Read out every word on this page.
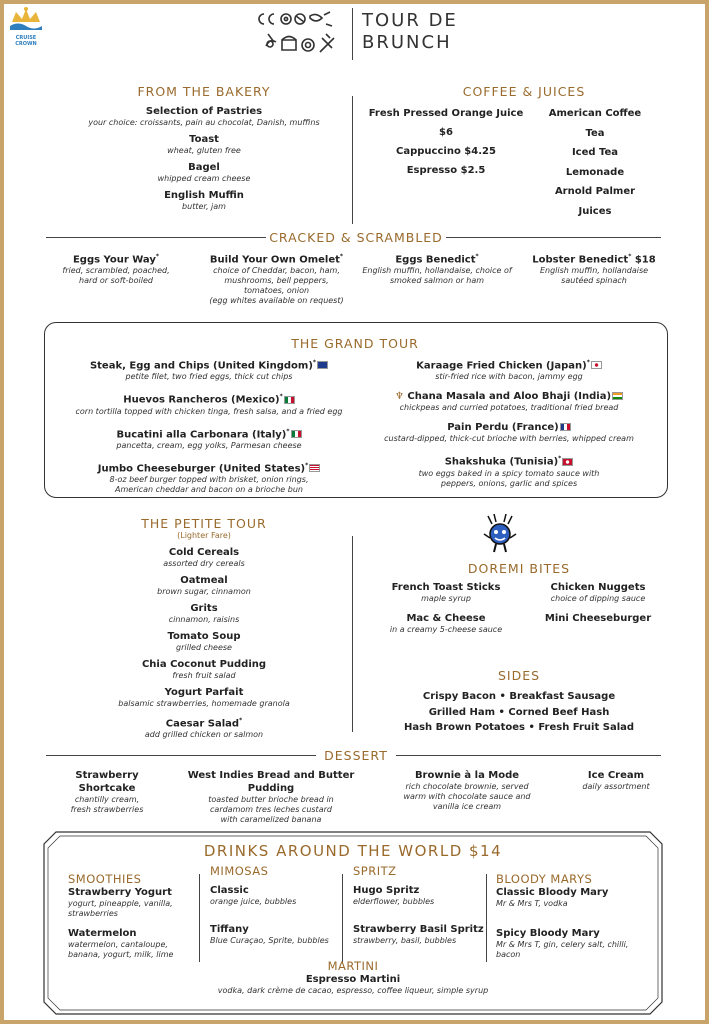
CRUISE CROWN
TOUR DE
BRUNCH
FROM THE BAKERY
Selection of Pastries
your choice: croissants, pain au chocolat, Danish, muffins
Toast
wheat, gluten free
Bagel
whipped cream cheese
English Muffin
butter, jam
COFFEE & JUICES
Fresh Pressed Orange Juice $6
Cappuccino $4.25
Espresso $2.5
American Coffee
Tea
Iced Tea
Lemonade
Arnold Palmer
Juices
CRACKED & SCRAMBLED
Eggs Your Way*
fried, scrambled, poached, hard or soft-boiled
Build Your Own Omelet*
choice of Cheddar, bacon, ham, mushrooms, bell peppers, tomatoes, onion
(egg whites available on request)
Eggs Benedict*
English muffin, hollandaise, choice of smoked salmon or ham
Lobster Benedict* $18
English muffin, hollandaise sautéed spinach
THE GRAND TOUR
Steak, Egg and Chips (United Kingdom)*
petite filet, two fried eggs, thick cut chips
Huevos Rancheros (Mexico)*
corn tortilla topped with chicken tinga, fresh salsa, and a fried egg
Bucatini alla Carbonara (Italy)*
pancetta, cream, egg yolks, Parmesan cheese
Jumbo Cheeseburger (United States)*
8-oz beef burger topped with brisket, onion rings, American cheddar and bacon on a brioche bun
Karaage Fried Chicken (Japan)*
stir-fried rice with bacon, jammy egg
♆ Chana Masala and Aloo Bhaji (India)
chickpeas and curried potatoes, traditional fried bread
Pain Perdu (France)
custard-dipped, thick-cut brioche with berries, whipped cream
Shakshuka (Tunisia)*
two eggs baked in a spicy tomato sauce with peppers, onions, garlic and spices
THE PETITE TOUR
(Lighter Fare)
Cold Cereals
assorted dry cereals
Oatmeal
brown sugar, cinnamon
Grits
cinnamon, raisins
Tomato Soup
grilled cheese
Chia Coconut Pudding
fresh fruit salad
Yogurt Parfait
balsamic strawberries, homemade granola
Caesar Salad*
add grilled chicken or salmon
DOREMI BITES
French Toast Sticks
maple syrup
Mac & Cheese
in a creamy 5-cheese sauce
Chicken Nuggets
choice of dipping sauce
Mini Cheeseburger
SIDES
Crispy Bacon • Breakfast Sausage
Grilled Ham • Corned Beef Hash
Hash Brown Potatoes • Fresh Fruit Salad
DESSERT
Strawberry Shortcake
chantilly cream, fresh strawberries
West Indies Bread and Butter Pudding
toasted butter brioche bread in cardamom tres leches custard with caramelized banana
Brownie à la Mode
rich chocolate brownie, served warm with chocolate sauce and vanilla ice cream
Ice Cream
daily assortment
DRINKS AROUND THE WORLD $14
SMOOTHIES
Strawberry Yogurt
yogurt, pineapple, vanilla, strawberries
Watermelon
watermelon, cantaloupe, banana, yogurt, milk, lime
MIMOSAS
Classic
orange juice, bubbles
Tiffany
Blue Curaçao, Sprite, bubbles
SPRITZ
Hugo Spritz
elderflower, bubbles
Strawberry Basil Spritz
strawberry, basil, bubbles
BLOODY MARYS
Classic Bloody Mary
Mr & Mrs T, vodka
Spicy Bloody Mary
Mr & Mrs T, gin, celery salt, chilli, bacon
MARTINI
Espresso Martini
vodka, dark crème de cacao, espresso, coffee liqueur, simple syrup
